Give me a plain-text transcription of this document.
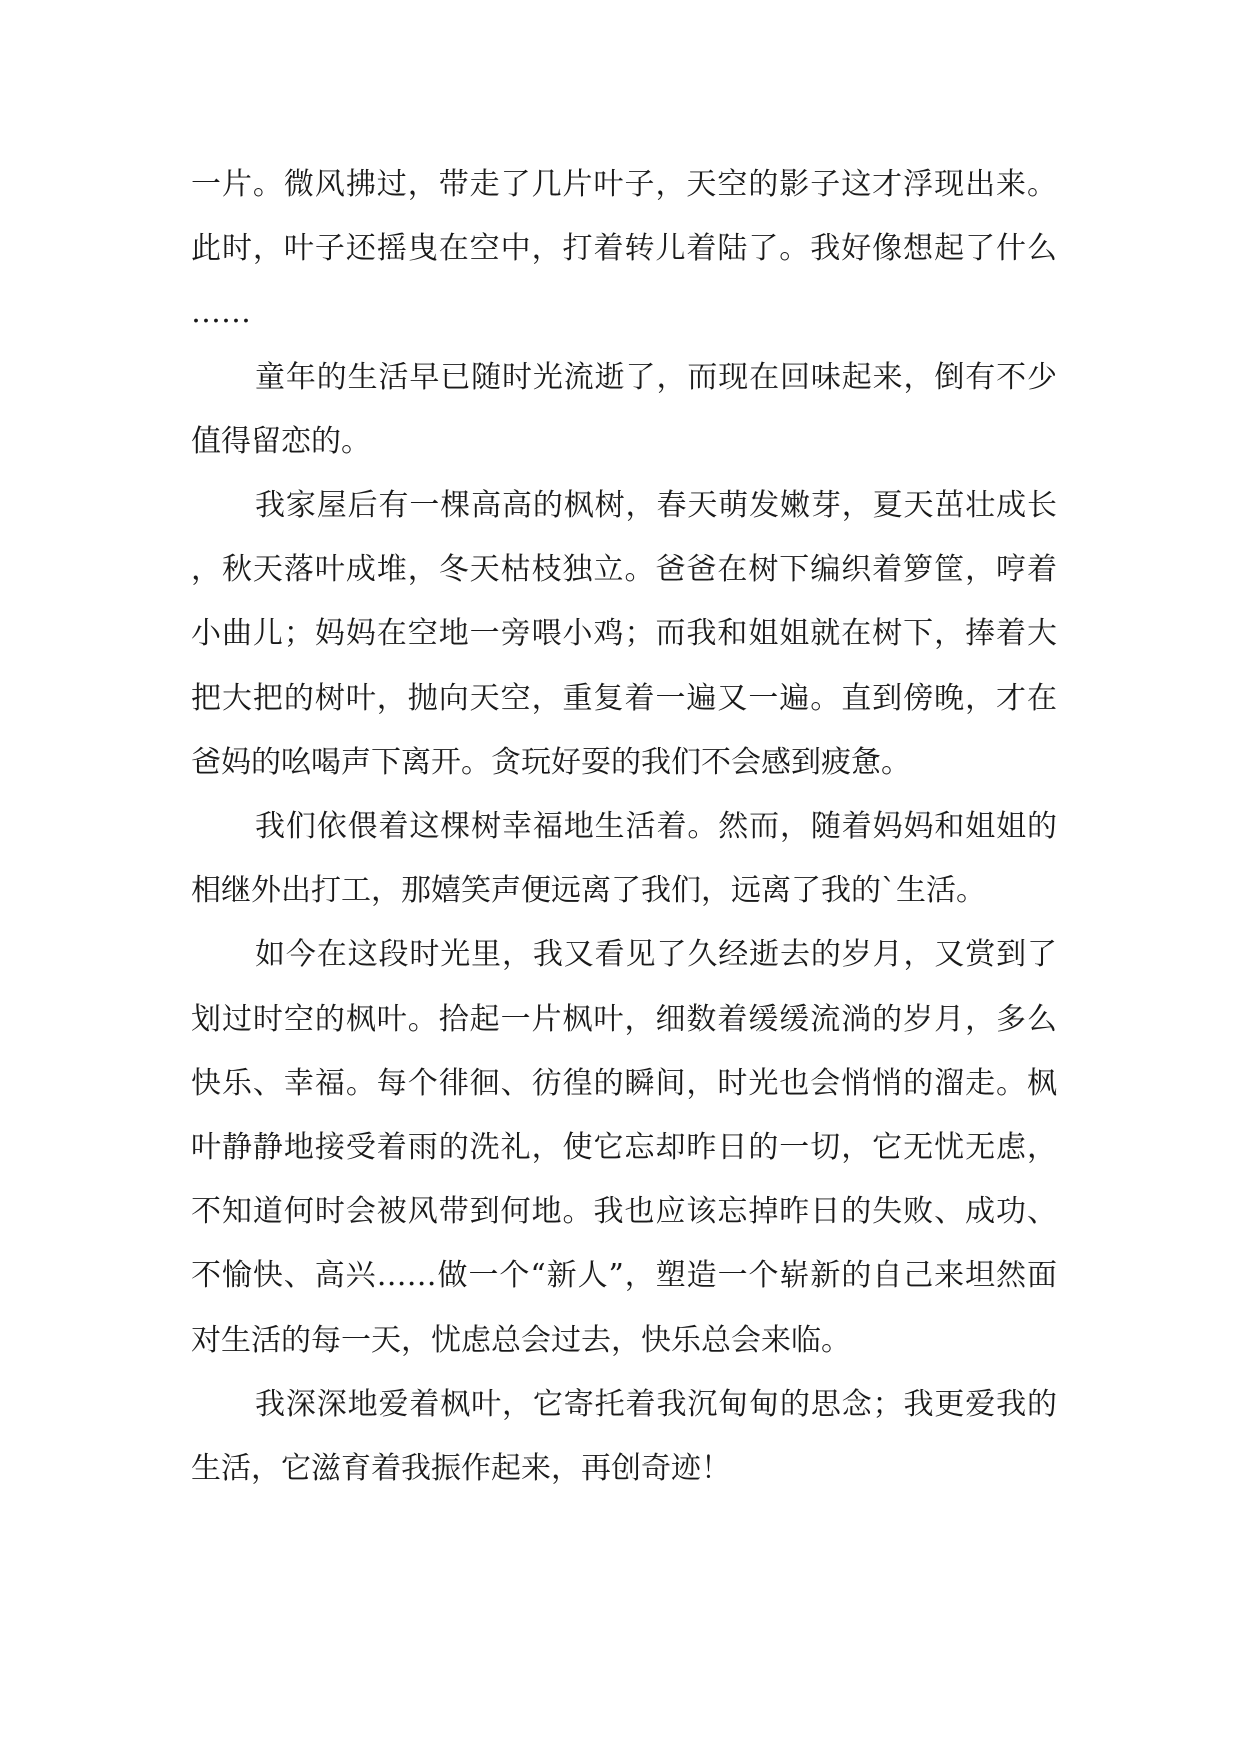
一片。微风拂过，带走了几片叶子，天空的影子这才浮现出来。此时，叶子还摇曳在空中，打着转儿着陆了。我好像想起了什么……

童年的生活早已随时光流逝了，而现在回味起来，倒有不少值得留恋的。

我家屋后有一棵高高的枫树，春天萌发嫩芽，夏天茁壮成长，秋天落叶成堆，冬天枯枝独立。爸爸在树下编织着箩筐，哼着小曲儿；妈妈在空地一旁喂小鸡；而我和姐姐就在树下，捧着大把大把的树叶，抛向天空，重复着一遍又一遍。直到傍晚，才在爸妈的吆喝声下离开。贪玩好耍的我们不会感到疲惫。

我们依偎着这棵树幸福地生活着。然而，随着妈妈和姐姐的相继外出打工，那嬉笑声便远离了我们，远离了我的`生活。

如今在这段时光里，我又看见了久经逝去的岁月，又赏到了划过时空的枫叶。拾起一片枫叶，细数着缓缓流淌的岁月，多么快乐、幸福。每个徘徊、彷徨的瞬间，时光也会悄悄的溜走。枫叶静静地接受着雨的洗礼，使它忘却昨日的一切，它无忧无虑，不知道何时会被风带到何地。我也应该忘掉昨日的失败、成功、不愉快、高兴……做一个“新人”，塑造一个崭新的自己来坦然面对生活的每一天，忧虑总会过去，快乐总会来临。

我深深地爱着枫叶，它寄托着我沉甸甸的思念；我更爱我的生活，它滋育着我振作起来，再创奇迹！
